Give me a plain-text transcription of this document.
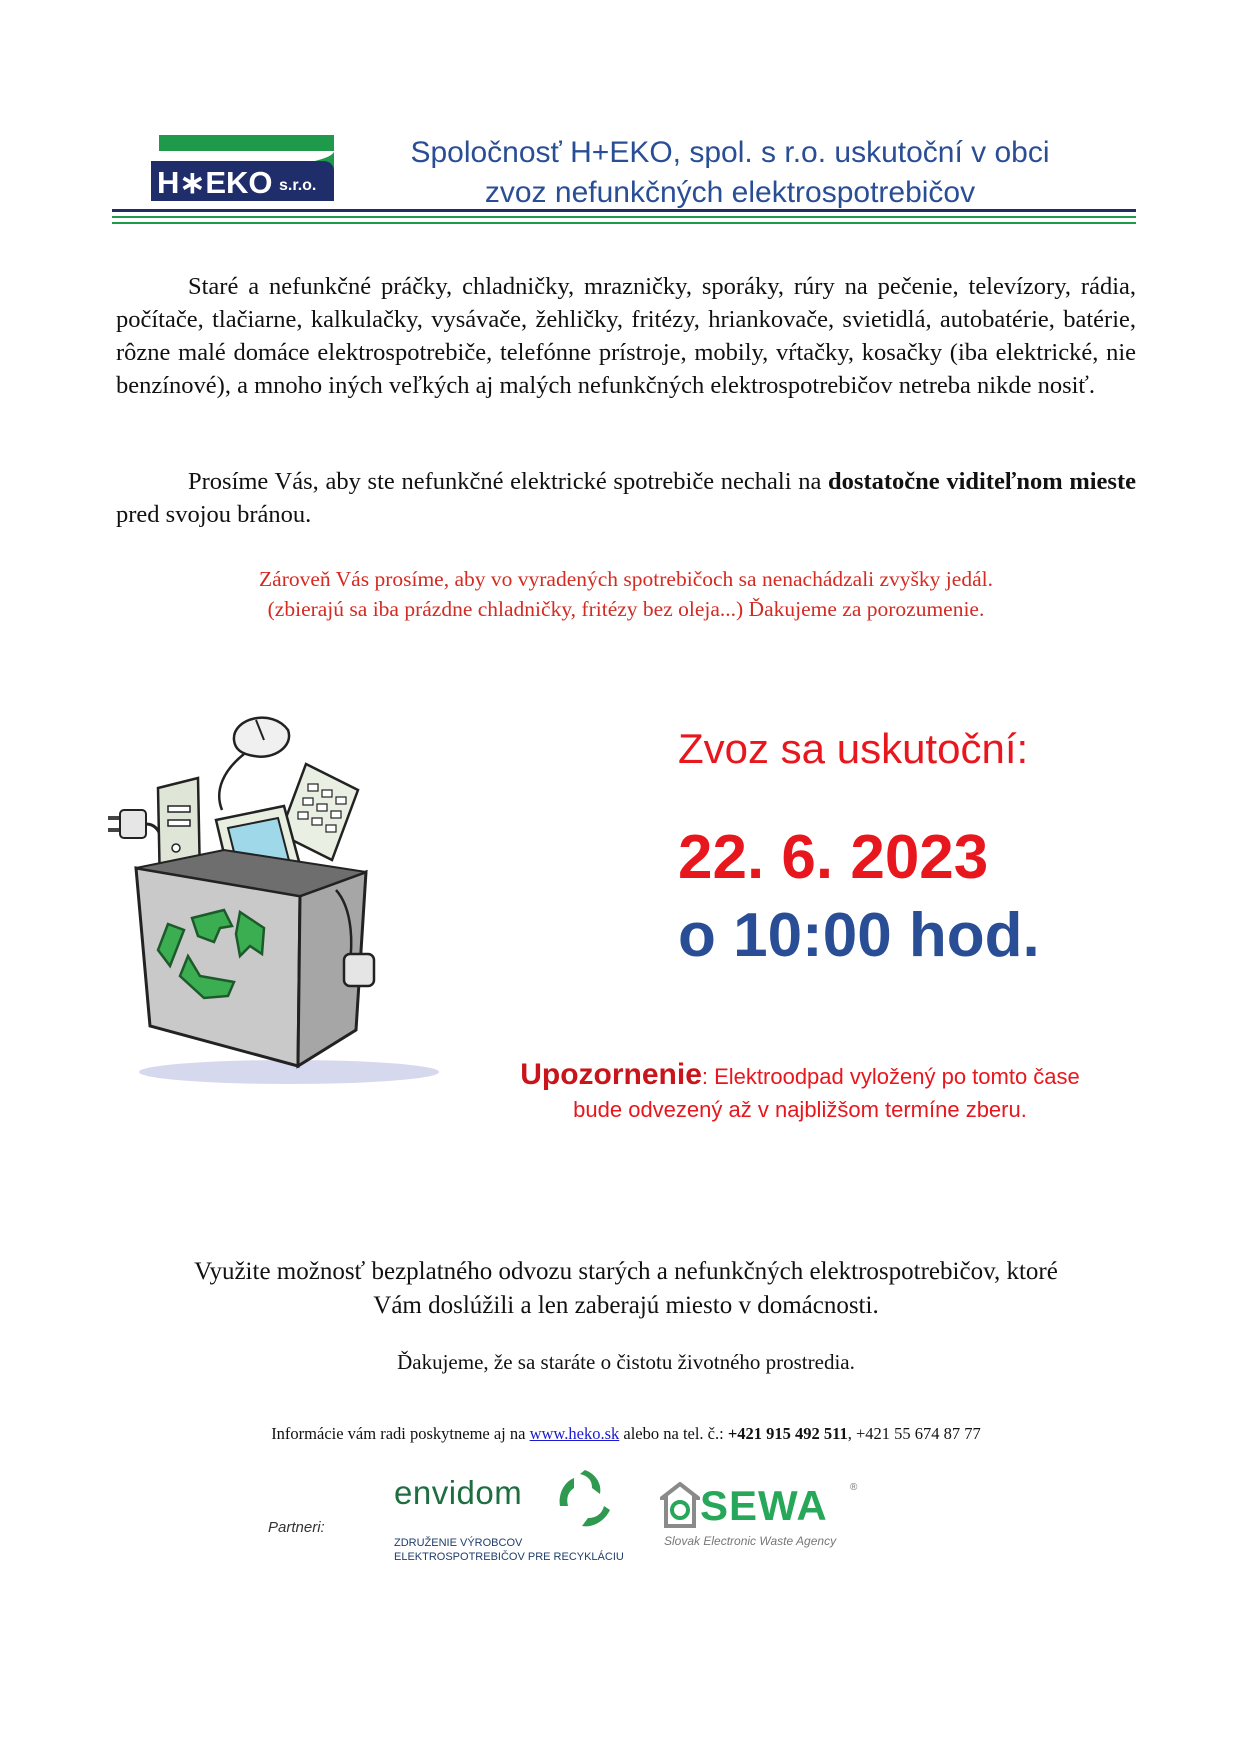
H∗EKO s.r.o.
Spoločnosť H+EKO, spol. s r.o. uskutoční v obci
zvoz nefunkčných elektrospotrebičov
Staré a nefunkčné práčky, chladničky, mrazničky, sporáky, rúry na pečenie, televízory, rádia, počítače, tlačiarne, kalkulačky, vysávače, žehličky, fritézy, hriankovače, svietidlá, autobatérie, batérie, rôzne malé domáce elektrospotrebiče, telefónne prístroje, mobily, vŕtačky, kosačky (iba elektrické, nie benzínové), a mnoho iných veľkých aj malých nefunkčných elektrospotrebičov netreba nikde nosiť.
Prosíme Vás, aby ste nefunkčné elektrické spotrebiče nechali na dostatočne viditeľnom mieste pred svojou bránou.
Zároveň Vás prosíme, aby vo vyradených spotrebičoch sa nenachádzali zvyšky jedál.
(zbierajú sa iba prázdne chladničky, fritézy bez oleja...) Ďakujeme za porozumenie.
Zvoz sa uskutoční:
22. 6. 2023
o 10:00 hod.
Upozornenie: Elektroodpad vyložený po tomto čase
bude odvezený až v najbližšom termíne zberu.
Využite možnosť bezplatného odvozu starých a nefunkčných elektrospotrebičov, ktoré
Vám doslúžili a len zaberajú miesto v domácnosti.
Ďakujeme, že sa staráte o čistotu životného prostredia.
Informácie vám radi poskytneme aj na www.heko.sk alebo na tel. č.: +421 915 492 511, +421 55 674 87 77
Partneri:
envidom
ZDRUŽENIE VÝROBCOV
ELEKTROSPOTREBIČOV PRE RECYKLÁCIU
SEWA ®
Slovak Electronic Waste Agency
